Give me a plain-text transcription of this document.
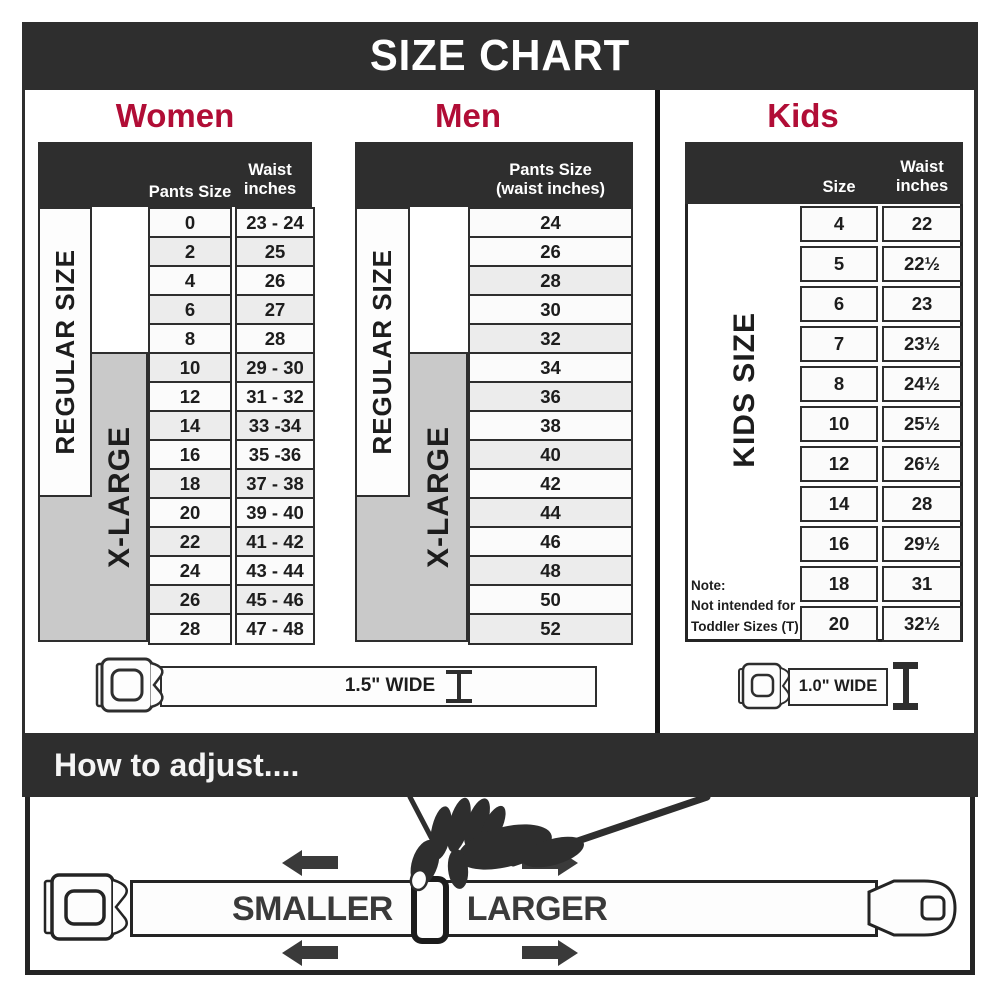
SIZE CHART
Women	Men	Kids
Pants Size
Waist
inches
REGULAR SIZE
X-LARGE
0	23 - 24
2	25
4	26
6	27
8	28
10	29 - 30
12	31 - 32
14	33 -34
16	35 -36
18	37 - 38
20	39 - 40
22	41 - 42
24	43 - 44
26	45 - 46
28	47 - 48
Pants Size
(waist inches)
REGULAR SIZE
X-LARGE
24
26
28
30
32
34
36
38
40
42
44
46
48
50
52
Size
Waist
inches
KIDS SIZE
Note:
Not intended for
Toddler Sizes (T)
4	22
5	22½
6	23
7	23½
8	24½
10	25½
12	26½
14	28
16	29½
18	31
20	32½
1.5" WIDE	1.0" WIDE
How to adjust....
SMALLER LARGER
